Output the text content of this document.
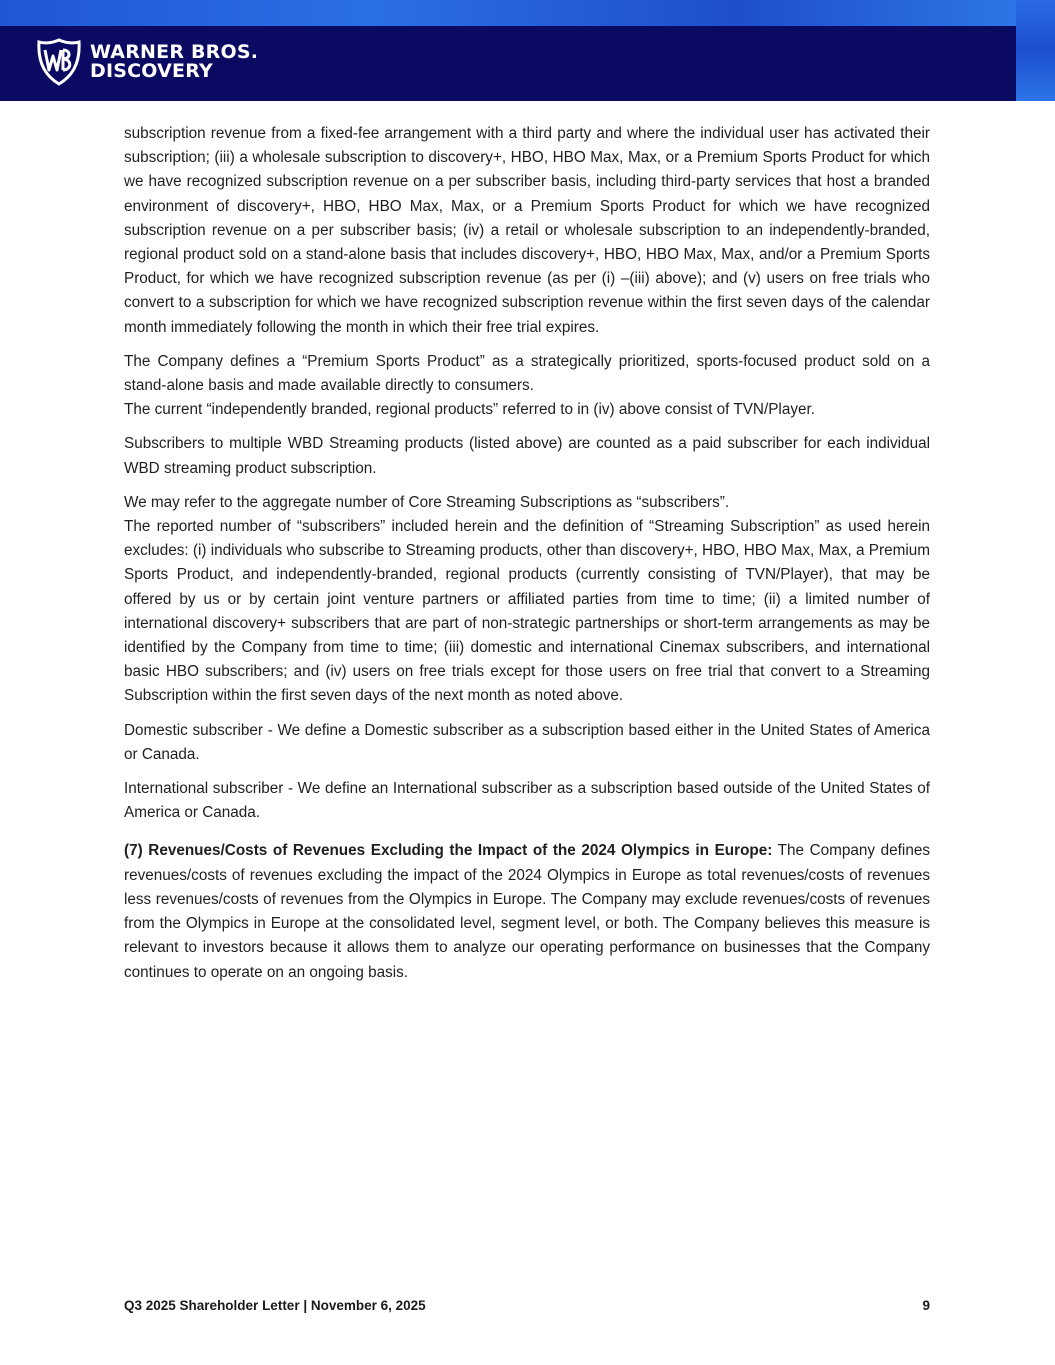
WARNER BROS.
DISCOVERY

subscription revenue from a fixed-fee arrangement with a third party and where the individual user has activated their subscription; (iii) a wholesale subscription to discovery+, HBO, HBO Max, Max, or a Premium Sports Product for which we have recognized subscription revenue on a per subscriber basis, including third-party services that host a branded environment of discovery+, HBO, HBO Max, Max, or a Premium Sports Product for which we have recognized subscription revenue on a per subscriber basis; (iv) a retail or wholesale subscription to an independently-branded, regional product sold on a stand-alone basis that includes discovery+, HBO, HBO Max, Max, and/or a Premium Sports Product, for which we have recognized subscription revenue (as per (i) –(iii) above); and (v) users on free trials who convert to a subscription for which we have recognized subscription revenue within the first seven days of the calendar month immediately following the month in which their free trial expires.

The Company defines a “Premium Sports Product” as a strategically prioritized, sports-focused product sold on a stand-alone basis and made available directly to consumers.

The current “independently branded, regional products” referred to in (iv) above consist of TVN/Player.

Subscribers to multiple WBD Streaming products (listed above) are counted as a paid subscriber for each individual WBD streaming product subscription.

We may refer to the aggregate number of Core Streaming Subscriptions as “subscribers”.

The reported number of “subscribers” included herein and the definition of “Streaming Subscription” as used herein excludes: (i) individuals who subscribe to Streaming products, other than discovery+, HBO, HBO Max, Max, a Premium Sports Product, and independently-branded, regional products (currently consisting of TVN/Player), that may be offered by us or by certain joint venture partners or affiliated parties from time to time; (ii) a limited number of international discovery+ subscribers that are part of non-strategic partnerships or short-term arrangements as may be identified by the Company from time to time; (iii) domestic and international Cinemax subscribers, and international basic HBO subscribers; and (iv) users on free trials except for those users on free trial that convert to a Streaming Subscription within the first seven days of the next month as noted above.

Domestic subscriber - We define a Domestic subscriber as a subscription based either in the United States of America or Canada.

International subscriber - We define an International subscriber as a subscription based outside of the United States of America or Canada.

(7) Revenues/Costs of Revenues Excluding the Impact of the 2024 Olympics in Europe: The Company defines revenues/costs of revenues excluding the impact of the 2024 Olympics in Europe as total revenues/costs of revenues less revenues/costs of revenues from the Olympics in Europe. The Company may exclude revenues/costs of revenues from the Olympics in Europe at the consolidated level, segment level, or both. The Company believes this measure is relevant to investors because it allows them to analyze our operating performance on businesses that the Company continues to operate on an ongoing basis.

Q3 2025 Shareholder Letter | November 6, 2025	9
